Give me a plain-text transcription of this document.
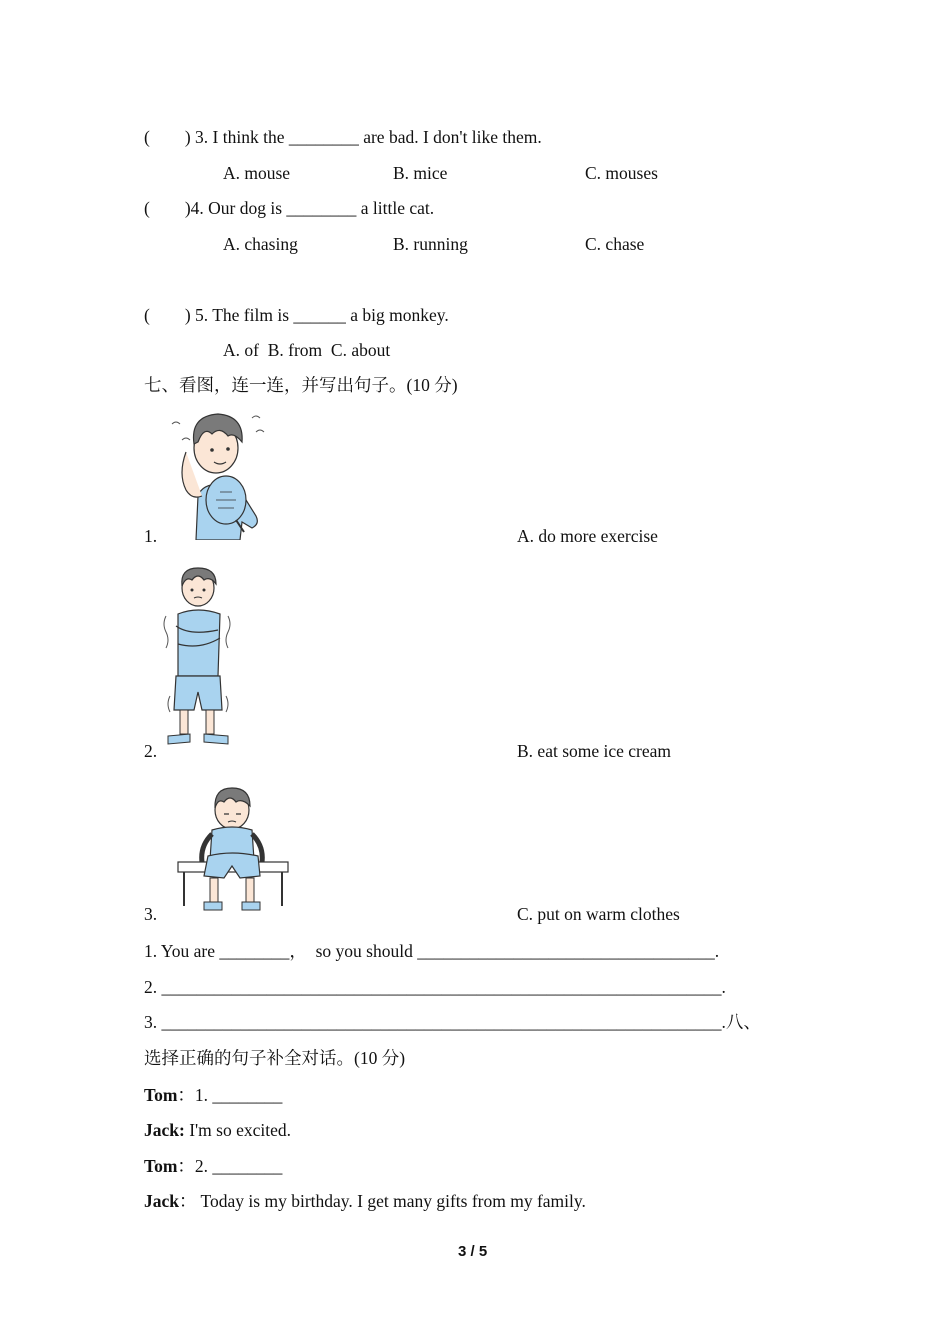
(        ) 3. I think the ________ are bad. I don't like them.
A. mouse	B. mice	C. mouses
(        )4. Our dog is ________ a little cat.
A. chasing	B. running	C. chase
(        ) 5. The film is ______ a big monkey.
A. of  B. from  C. about
七、看图，连一连，并写出句子。(10 分)
1.	A. do more exercise
2.	B. eat some ice cream
3.	C. put on warm clothes
1. You are ________，  so you should __________________________________.
2. ________________________________________________________________.
3. ________________________________________________________________.八、
选择正确的句子补全对话。(10 分)
Tom：1. ________
Jack: I'm so excited.
Tom：2. ________
Jack： Today is my birthday. I get many gifts from my family.
3 / 5
